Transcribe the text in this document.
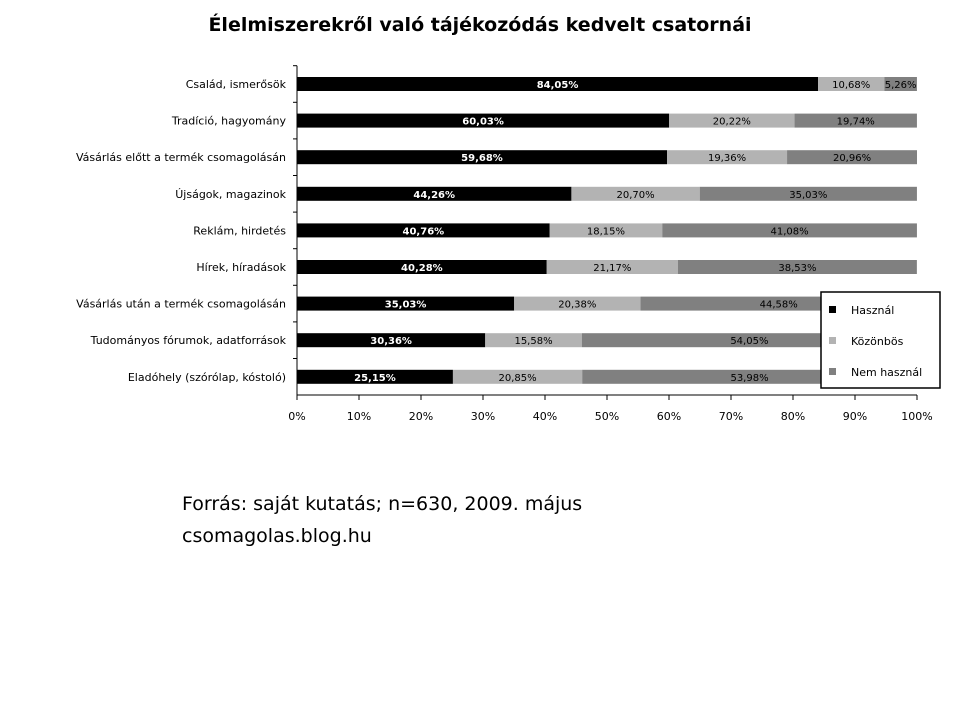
Élelmiszerekről való tájékozódás kedvelt csatornái
Család, ismerősök
Tradíció, hagyomány
Vásárlás előtt a termék csomagolásán
Újságok, magazinok
Reklám, hirdetés
Hírek, híradások
Vásárlás után a termék csomagolásán
Tudományos fórumok, adatforrások
Eladóhely (szórólap, kóstoló)
84,05%	10,68% 5,26%
60,03%	20,22%	19,74%
59,68%	19,36%	20,96%
44,26%	20,70%	35,03%
40,76%	18,15%	41,08%
40,28%	21,17%	38,53%
35,03%	20,38%	44,58%
30,36%	15,58%	54,05%
25,15%	20,85%	53,98%
0%	10%	20%	30%	40%	50%	60%	70%	80%	90%	100%
Használ
Közönbös
Nem használ
Forrás: saját kutatás; n=630, 2009. május
csomagolas.blog.hu
